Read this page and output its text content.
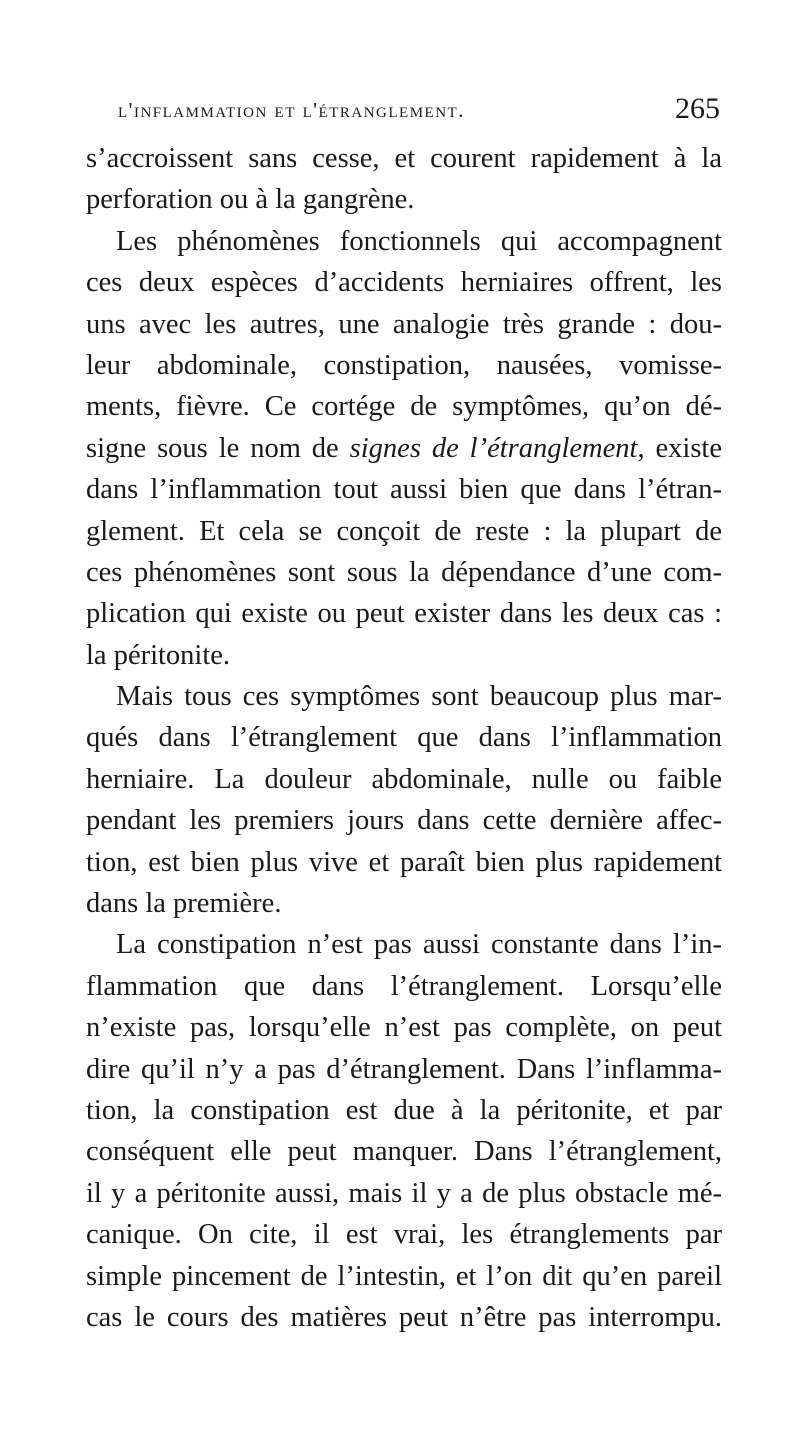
l'inflammation et l'étranglement.	265
s’accroissent sans cesse, et courent rapidement à la
perforation ou à la gangrène.
Les phénomènes fonctionnels qui accompagnent
ces deux espèces d’accidents herniaires offrent, les
uns avec les autres, une analogie très grande : dou-
leur abdominale, constipation, nausées, vomisse-
ments, fièvre. Ce cortége de symptômes, qu’on dé-
signe sous le nom de signes de l’étranglement, existe
dans l’inflammation tout aussi bien que dans l’étran-
glement. Et cela se conçoit de reste : la plupart de
ces phénomènes sont sous la dépendance d’une com-
plication qui existe ou peut exister dans les deux cas :
la péritonite.
Mais tous ces symptômes sont beaucoup plus mar-
qués dans l’étranglement que dans l’inflammation
herniaire. La douleur abdominale, nulle ou faible
pendant les premiers jours dans cette dernière affec-
tion, est bien plus vive et paraît bien plus rapidement
dans la première.
La constipation n’est pas aussi constante dans l’in-
flammation que dans l’étranglement. Lorsqu’elle
n’existe pas, lorsqu’elle n’est pas complète, on peut
dire qu’il n’y a pas d’étranglement. Dans l’inflamma-
tion, la constipation est due à la péritonite, et par
conséquent elle peut manquer. Dans l’étranglement,
il y a péritonite aussi, mais il y a de plus obstacle mé-
canique. On cite, il est vrai, les étranglements par
simple pincement de l’intestin, et l’on dit qu’en pareil
cas le cours des matières peut n’être pas interrompu.
